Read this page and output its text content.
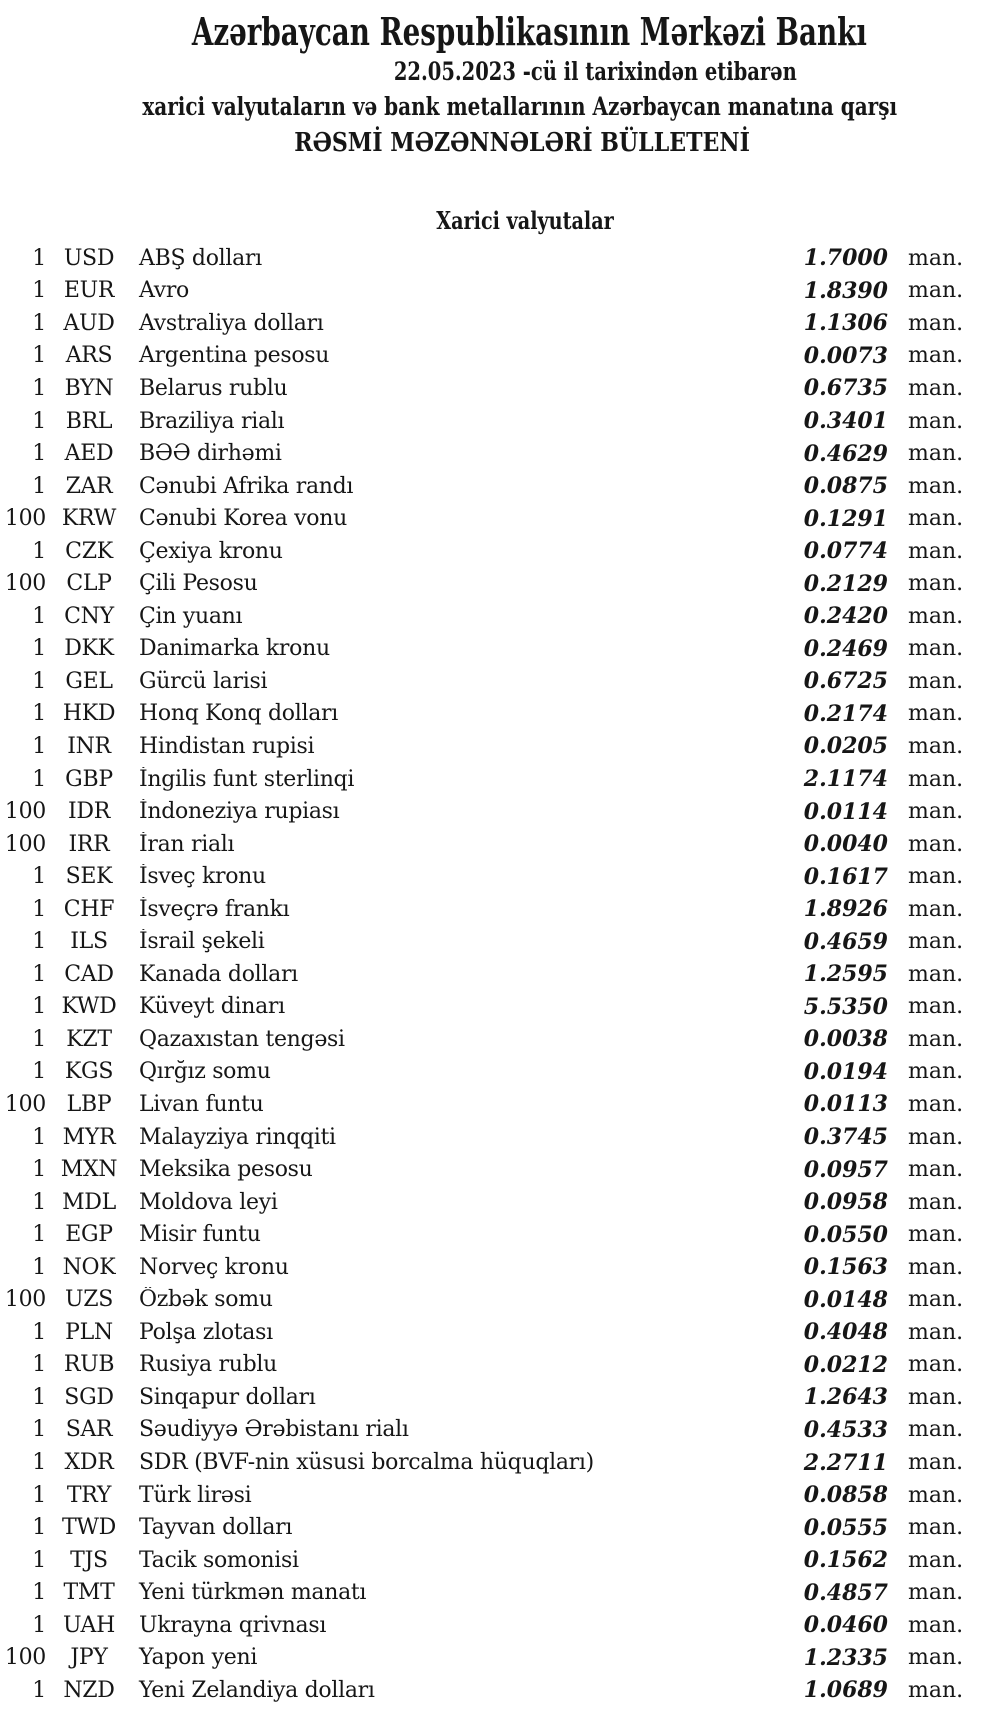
Azərbaycan Respublikasının Mərkəzi Bankı
22.05.2023 -cü il tarixindən etibarən
xarici valyutaların və bank metallarının Azərbaycan manatına qarşı
RƏSMİ MƏZƏNNƏLƏRİ BÜLLETENİ
Xarici valyutalar
1 USD	ABŞ dolları	1.7000 man.
1 EUR	Avro	1.8390 man.
1 AUD	Avstraliya dolları	1.1306 man.
1 ARS	Argentina pesosu	0.0073 man.
1 BYN	Belarus rublu	0.6735 man.
1 BRL	Braziliya rialı	0.3401 man.
1 AED	BƏƏ dirhəmi	0.4629 man.
1 ZAR	Cənubi Afrika randı	0.0875 man.
100 KRW	Cənubi Korea vonu	0.1291 man.
1 CZK	Çexiya kronu	0.0774 man.
100 CLP	Çili Pesosu	0.2129 man.
1 CNY	Çin yuanı	0.2420 man.
1 DKK	Danimarka kronu	0.2469 man.
1 GEL	Gürcü larisi	0.6725 man.
1 HKD	Honq Konq dolları	0.2174 man.
1 INR	Hindistan rupisi	0.0205 man.
1 GBP	İngilis funt sterlinqi	2.1174 man.
100	IDR	İndoneziya rupiası	0.0114 man.
100	IRR	İran rialı	0.0040 man.
1 SEK	İsveç kronu	0.1617 man.
1 CHF	İsveçrə frankı	1.8926 man.
1	ILS	İsrail şekeli	0.4659 man.
1 CAD	Kanada dolları	1.2595 man.
1 KWD	Küveyt dinarı	5.5350 man.
1 KZT	Qazaxıstan tengəsi	0.0038 man.
1 KGS	Qırğız somu	0.0194 man.
100 LBP	Livan funtu	0.0113 man.
1 MYR	Malayziya rinqqiti	0.3745 man.
1 MXN Meksika pesosu	0.0957 man.
1 MDL	Moldova leyi	0.0958 man.
1 EGP	Misir funtu	0.0550 man.
1 NOK	Norveç kronu	0.1563 man.
100 UZS	Özbək somu	0.0148 man.
1 PLN	Polşa zlotası	0.4048 man.
1 RUB	Rusiya rublu	0.0212 man.
1 SGD	Sinqapur dolları	1.2643 man.
1 SAR	Səudiyyə Ərəbistanı rialı	0.4533 man.
1 XDR	SDR (BVF-nin xüsusi borcalma hüquqları)	2.2711 man.
1 TRY	Türk lirəsi	0.0858 man.
1 TWD	Tayvan dolları	0.0555 man.
1	TJS	Tacik somonisi	0.1562 man.
1 TMT	Yeni türkmən manatı	0.4857 man.
1 UAH	Ukrayna qrivnası	0.0460 man.
100	JPY	Yapon yeni	1.2335 man.
1 NZD	Yeni Zelandiya dolları	1.0689 man.
